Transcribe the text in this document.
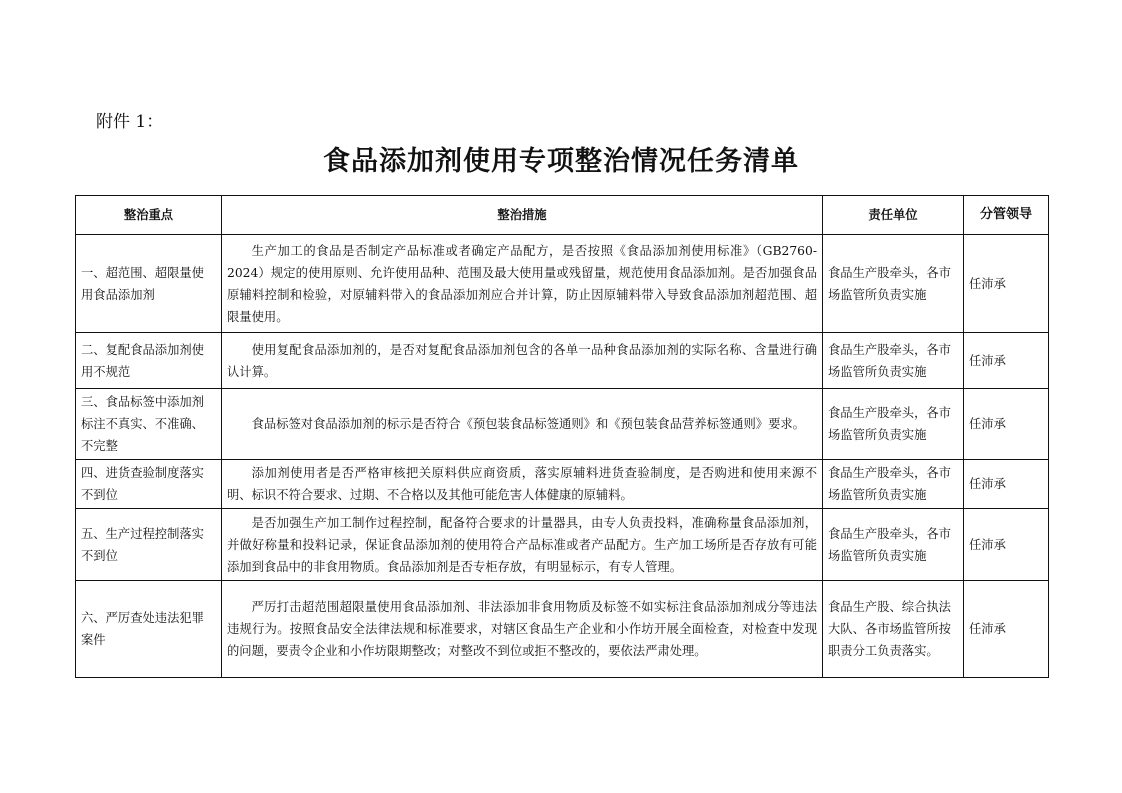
附件 1：
食品添加剂使用专项整治情况任务清单
整治重点	整治措施	责任单位	分管领导
一、超范围、超限量使用食品添加剂	生产加工的食品是否制定产品标准或者确定产品配方，是否按照《食品添加剂使用标准》（GB2760-2024）规定的使用原则、允许使用品种、范围及最大使用量或残留量，规范使用食品添加剂。是否加强食品原辅料控制和检验，对原辅料带入的食品添加剂应合并计算，防止因原辅料带入导致食品添加剂超范围、超限量使用。	食品生产股牵头，各市场监管所负责实施	任沛承
二、复配食品添加剂使用不规范	使用复配食品添加剂的，是否对复配食品添加剂包含的各单一品种食品添加剂的实际名称、含量进行确认计算。	食品生产股牵头，各市场监管所负责实施	任沛承
三、食品标签中添加剂标注不真实、不准确、不完整	食品标签对食品添加剂的标示是否符合《预包装食品标签通则》和《预包装食品营养标签通则》要求。	食品生产股牵头，各市场监管所负责实施	任沛承
四、进货查验制度落实不到位	添加剂使用者是否严格审核把关原料供应商资质，落实原辅料进货查验制度，是否购进和使用来源不明、标识不符合要求、过期、不合格以及其他可能危害人体健康的原辅料。	食品生产股牵头，各市场监管所负责实施	任沛承
五、生产过程控制落实不到位	是否加强生产加工制作过程控制，配备符合要求的计量器具，由专人负责投料，准确称量食品添加剂，并做好称量和投料记录，保证食品添加剂的使用符合产品标准或者产品配方。生产加工场所是否存放有可能添加到食品中的非食用物质。食品添加剂是否专柜存放，有明显标示，有专人管理。	食品生产股牵头，各市场监管所负责实施	任沛承
六、严厉查处违法犯罪案件	严厉打击超范围超限量使用食品添加剂、非法添加非食用物质及标签不如实标注食品添加剂成分等违法违规行为。按照食品安全法律法规和标准要求，对辖区食品生产企业和小作坊开展全面检查，对检查中发现的问题，要责令企业和小作坊限期整改；对整改不到位或拒不整改的，要依法严肃处理。	食品生产股、综合执法大队、各市场监管所按职责分工负责落实。	任沛承
